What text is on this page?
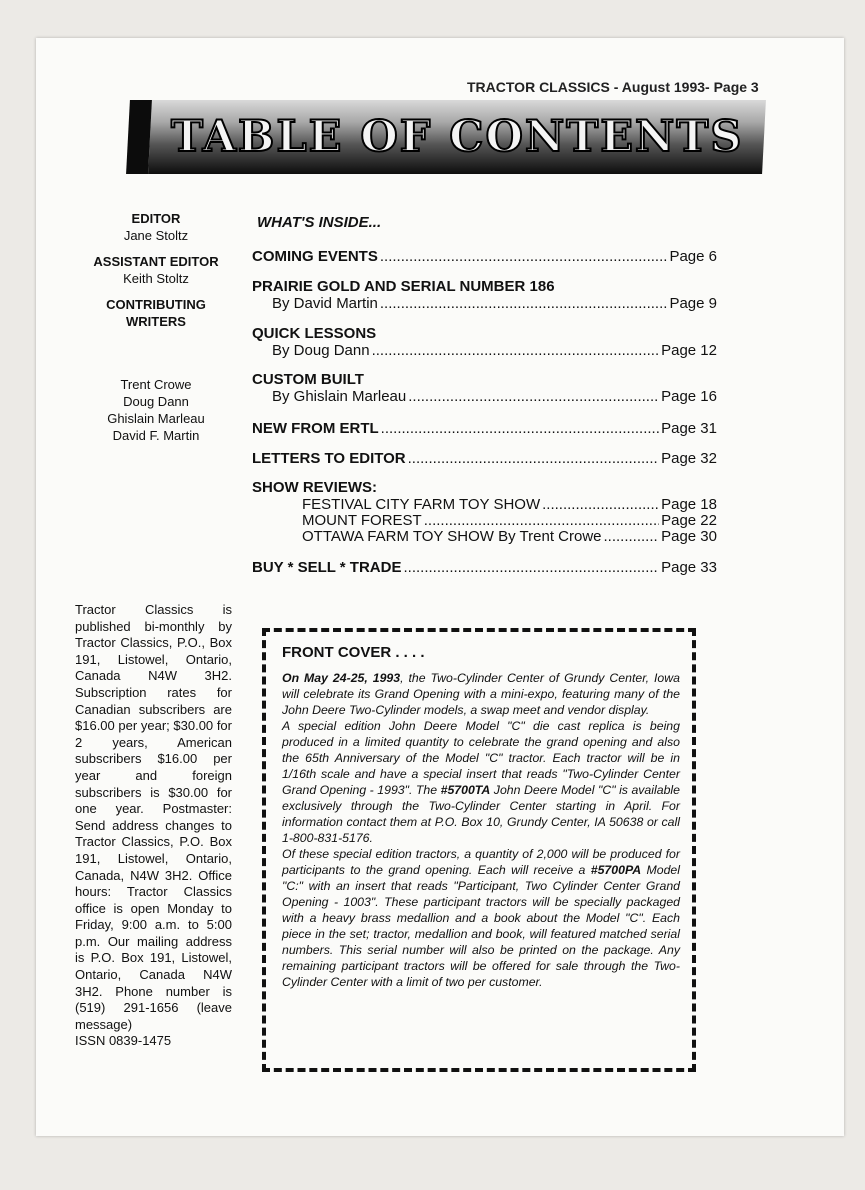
TRACTOR CLASSICS - August 1993- Page 3
TABLE OF CONTENTS
EDITOR
Jane Stoltz
ASSISTANT EDITOR
Keith Stoltz
CONTRIBUTING
WRITERS
Trent Crowe
Doug Dann
Ghislain Marleau
David F. Martin
WHAT'S INSIDE...
COMING EVENTS .....	Page 6
PRAIRIE GOLD AND SERIAL NUMBER 186
By David Martin .....	Page 9
QUICK LESSONS
By Doug Dann .....	Page 12
CUSTOM BUILT
By Ghislain Marleau .....	Page 16
NEW FROM ERTL .....	Page 31
LETTERS TO EDITOR .....	Page 32
SHOW REVIEWS:
FESTIVAL CITY FARM TOY SHOW .....	Page 18
MOUNT FOREST .....	Page 22
OTTAWA FARM TOY SHOW By Trent Crowe .....	Page 30
BUY * SELL * TRADE .....	Page 33
Tractor Classics is published bi-monthly by Tractor Classics, P.O., Box 191, Listowel, Ontario, Canada N4W 3H2. Subscription rates for Canadian subscribers are $16.00 per year; $30.00 for 2 years, American subscribers $16.00 per year and foreign subscribers is $30.00 for one year. Postmaster: Send address changes to Tractor Classics, P.O. Box 191, Listowel, Ontario, Canada, N4W 3H2. Office hours: Tractor Classics office is open Monday to Friday, 9:00 a.m. to 5:00 p.m. Our mailing address is P.O. Box 191, Listowel, Ontario, Canada N4W 3H2. Phone number is (519) 291-1656 (leave message)
ISSN 0839-1475
FRONT COVER . . . .

On May 24-25, 1993, the Two-Cylinder Center of Grundy Center, Iowa will celebrate its Grand Opening with a mini-expo, featuring many of the John Deere Two-Cylinder models, a swap meet and vendor display.

A special edition John Deere Model "C" die cast replica is being produced in a limited quantity to celebrate the grand opening and also the 65th Anniversary of the Model "C" tractor. Each tractor will be in 1/16th scale and have a special insert that reads "Two-Cylinder Center Grand Opening - 1993". The #5700TA John Deere Model "C" is available exclusively through the Two-Cylinder Center starting in April. For information contact them at P.O. Box 10, Grundy Center, IA 50638 or call 1-800-831-5176.

Of these special edition tractors, a quantity of 2,000 will be produced for participants to the grand opening. Each will receive a #5700PA Model "C:" with an insert that reads "Participant, Two Cylinder Center Grand Opening - 1003". These participant tractors will be specially packaged with a heavy brass medallion and a book about the Model "C". Each piece in the set; tractor, medallion and book, will featured matched serial numbers. This serial number will also be printed on the package. Any remaining participant tractors will be offered for sale through the Two-Cylinder Center with a limit of two per customer.
